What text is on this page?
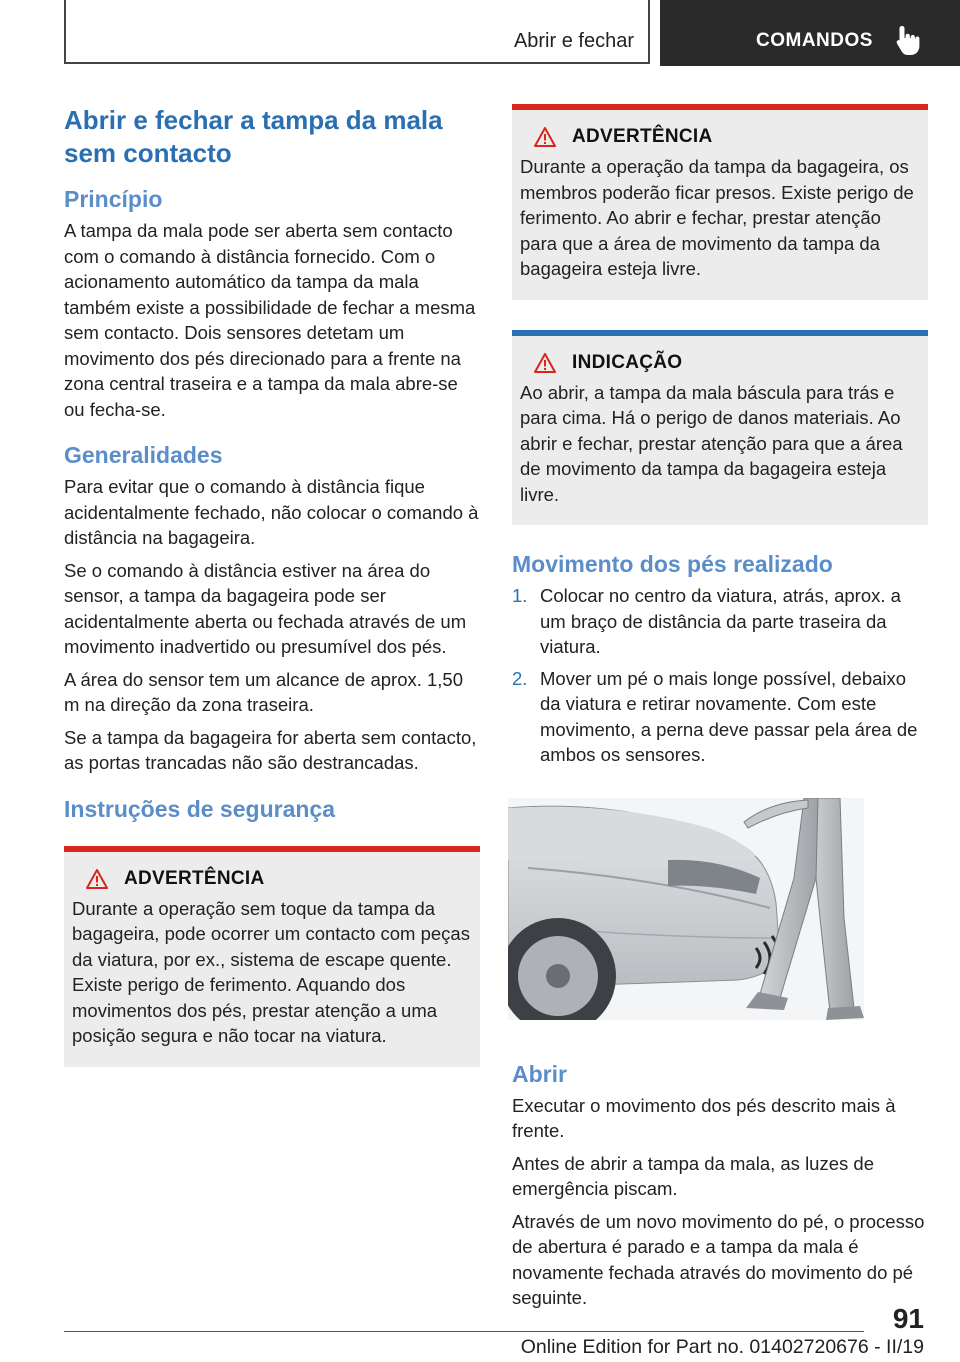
Abrir e fechar	COMANDOS
Abrir e fechar a tampa da mala sem contacto
Princípio

A tampa da mala pode ser aberta sem contacto com o comando à distância fornecido. Com o acionamento automático da tampa da mala também existe a possibilidade de fechar a mesma sem contacto. Dois sensores detetam um movimento dos pés direcionado para a frente na zona central traseira e a tampa da mala abre-se ou fecha-se.

Generalidades

Para evitar que o comando à distância fique acidentalmente fechado, não colocar o comando à distância na bagageira.

Se o comando à distância estiver na área do sensor, a tampa da bagageira pode ser acidentalmente aberta ou fechada através de um movimento inadvertido ou presumível dos pés.

A área do sensor tem um alcance de aprox. 1,50 m na direção da zona traseira.

Se a tampa da bagageira for aberta sem contacto, as portas trancadas não são destrancadas.

Instruções de segurança
ADVERTÊNCIA

Durante a operação sem toque da tampa da bagageira, pode ocorrer um contacto com peças da viatura, por ex., sistema de escape quente. Existe perigo de ferimento. Aquando dos movimentos dos pés, prestar atenção a uma posição segura e não tocar na viatura.

ADVERTÊNCIA

Durante a operação da tampa da bagageira, os membros poderão ficar presos. Existe perigo de ferimento. Ao abrir e fechar, prestar atenção para que a área de movimento da tampa da bagageira esteja livre.

INDICAÇÃO

Ao abrir, a tampa da mala báscula para trás e para cima. Há o perigo de danos materiais. Ao abrir e fechar, prestar atenção para que a área de movimento da tampa da bagageira esteja livre.

Movimento dos pés realizado
1. Colocar no centro da viatura, atrás, aprox. a um braço de distância da parte traseira da viatura.
2. Mover um pé o mais longe possível, debaixo da viatura e retirar novamente. Com este movimento, a perna deve passar pela área de ambos os sensores.
Abrir

Executar o movimento dos pés descrito mais à frente.

Antes de abrir a tampa da mala, as luzes de emergência piscam.

Através de um novo movimento do pé, o processo de abertura é parado e a tampa da mala é novamente fechada através do movimento do pé seguinte.

91
Online Edition for Part no. 01402720676 - II/19
